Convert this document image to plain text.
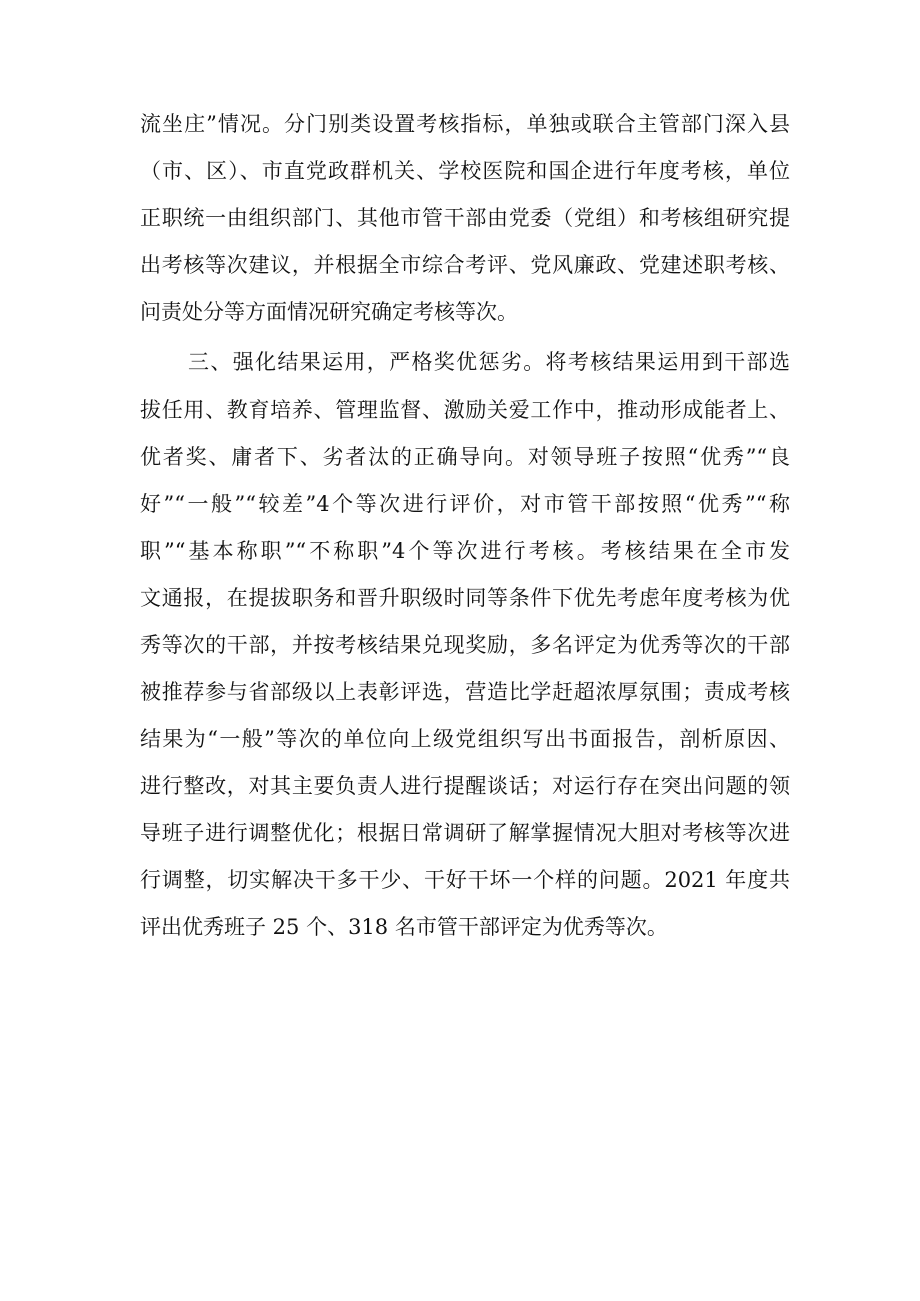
流坐庄”情况。分门别类设置考核指标，单独或联合主管部门深入县
（市、区）、市直党政群机关、学校医院和国企进行年度考核，单位
正职统一由组织部门、其他市管干部由党委（党组）和考核组研究提
出考核等次建议，并根据全市综合考评、党风廉政、党建述职考核、
问责处分等方面情况研究确定考核等次。
三、强化结果运用，严格奖优惩劣。将考核结果运用到干部选
拔任用、教育培养、管理监督、激励关爱工作中，推动形成能者上、
优者奖、庸者下、劣者汰的正确导向。对领导班子按照“优秀”“良
好”“一般”“较差”4个等次进行评价，对市管干部按照“优秀”“称
职”“基本称职”“不称职”4个等次进行考核。考核结果在全市发
文通报，在提拔职务和晋升职级时同等条件下优先考虑年度考核为优
秀等次的干部，并按考核结果兑现奖励，多名评定为优秀等次的干部
被推荐参与省部级以上表彰评选，营造比学赶超浓厚氛围；责成考核
结果为“一般”等次的单位向上级党组织写出书面报告，剖析原因、
进行整改，对其主要负责人进行提醒谈话；对运行存在突出问题的领
导班子进行调整优化；根据日常调研了解掌握情况大胆对考核等次进
行调整，切实解决干多干少、干好干坏一个样的问题。2021 年度共
评出优秀班子 25 个、318 名市管干部评定为优秀等次。
